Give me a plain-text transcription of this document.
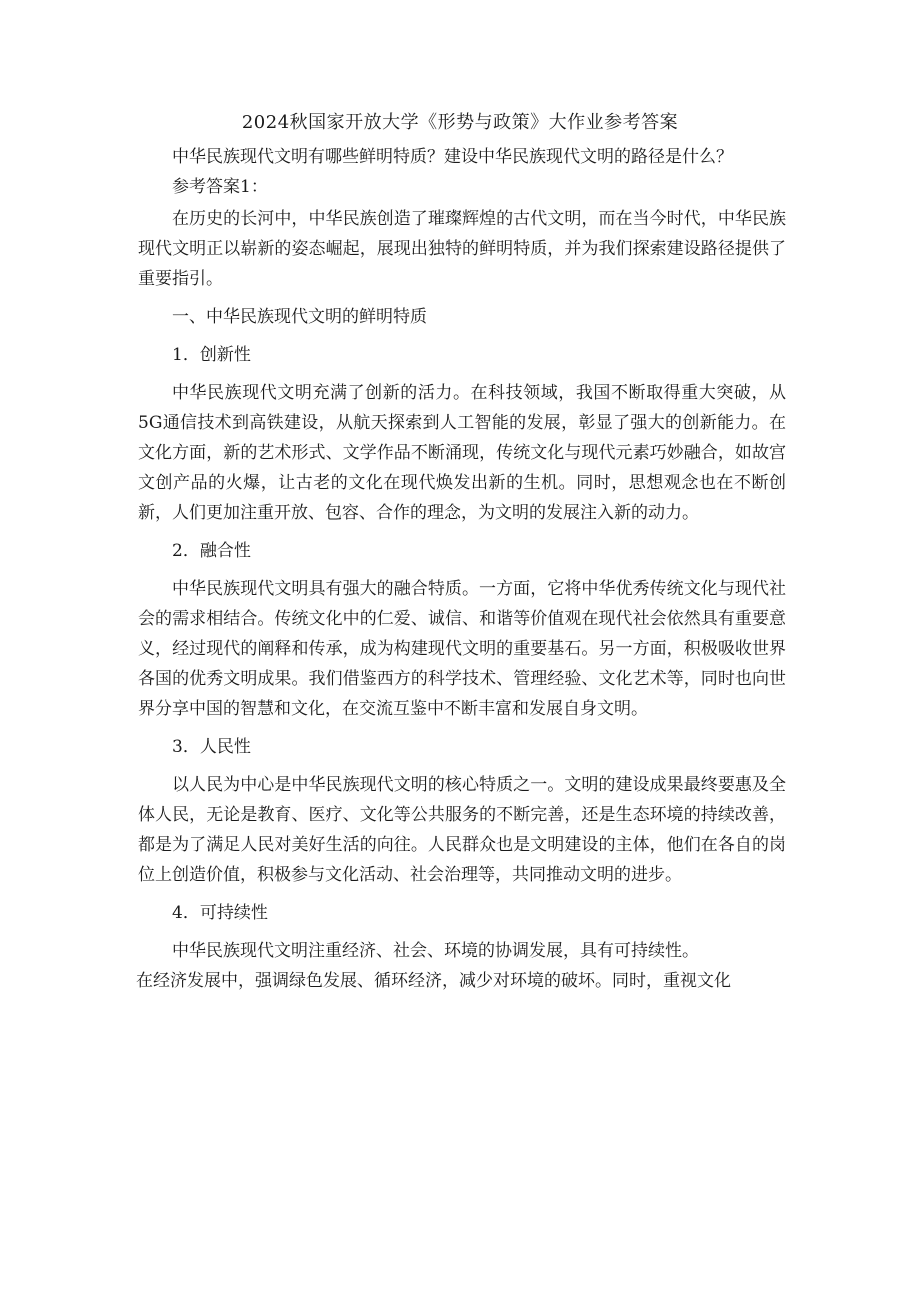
2024秋国家开放大学《形势与政策》大作业参考答案

中华民族现代文明有哪些鲜明特质？建设中华民族现代文明的路径是什么？

参考答案1：

在历史的长河中，中华民族创造了璀璨辉煌的古代文明，而在当今时代，中华民族现代文明正以崭新的姿态崛起，展现出独特的鲜明特质，并为我们探索建设路径提供了重要指引。

一、中华民族现代文明的鲜明特质

1．创新性

中华民族现代文明充满了创新的活力。在科技领域，我国不断取得重大突破，从5G通信技术到高铁建设，从航天探索到人工智能的发展，彰显了强大的创新能力。在文化方面，新的艺术形式、文学作品不断涌现，传统文化与现代元素巧妙融合，如故宫文创产品的火爆，让古老的文化在现代焕发出新的生机。同时，思想观念也在不断创新，人们更加注重开放、包容、合作的理念，为文明的发展注入新的动力。

2．融合性

中华民族现代文明具有强大的融合特质。一方面，它将中华优秀传统文化与现代社会的需求相结合。传统文化中的仁爱、诚信、和谐等价值观在现代社会依然具有重要意义，经过现代的阐释和传承，成为构建现代文明的重要基石。另一方面，积极吸收世界各国的优秀文明成果。我们借鉴西方的科学技术、管理经验、文化艺术等，同时也向世界分享中国的智慧和文化，在交流互鉴中不断丰富和发展自身文明。

3．人民性

以人民为中心是中华民族现代文明的核心特质之一。文明的建设成果最终要惠及全体人民，无论是教育、医疗、文化等公共服务的不断完善，还是生态环境的持续改善，都是为了满足人民对美好生活的向往。人民群众也是文明建设的主体，他们在各自的岗位上创造价值，积极参与文化活动、社会治理等，共同推动文明的进步。

4．可持续性

中华民族现代文明注重经济、社会、环境的协调发展，具有可持续性。

在经济发展中，强调绿色发展、循环经济，减少对环境的破坏。同时，重视文化
